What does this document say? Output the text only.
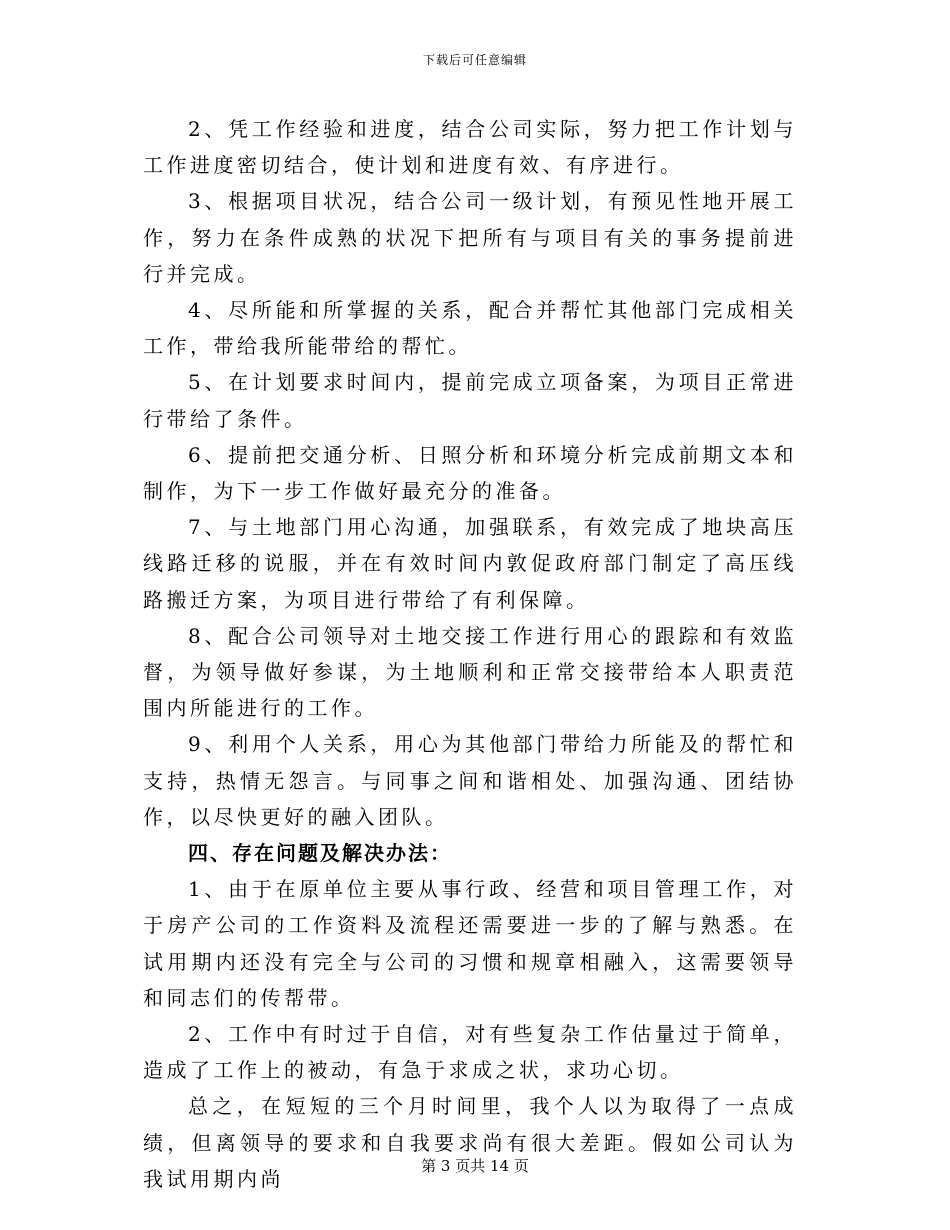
下载后可任意编辑

2、凭工作经验和进度，结合公司实际，努力把工作计划与工作进度密切结合，使计划和进度有效、有序进行。

3、根据项目状况，结合公司一级计划，有预见性地开展工作，努力在条件成熟的状况下把所有与项目有关的事务提前进行并完成。

4、尽所能和所掌握的关系，配合并帮忙其他部门完成相关工作，带给我所能带给的帮忙。

5、在计划要求时间内，提前完成立项备案，为项目正常进行带给了条件。

6、提前把交通分析、日照分析和环境分析完成前期文本和制作，为下一步工作做好最充分的准备。

7、与土地部门用心沟通，加强联系，有效完成了地块高压线路迁移的说服，并在有效时间内敦促政府部门制定了高压线路搬迁方案，为项目进行带给了有利保障。

8、配合公司领导对土地交接工作进行用心的跟踪和有效监督，为领导做好参谋，为土地顺利和正常交接带给本人职责范围内所能进行的工作。

9、利用个人关系，用心为其他部门带给力所能及的帮忙和支持，热情无怨言。与同事之间和谐相处、加强沟通、团结协作，以尽快更好的融入团队。

四、存在问题及解决办法：

1、由于在原单位主要从事行政、经营和项目管理工作，对于房产公司的工作资料及流程还需要进一步的了解与熟悉。在试用期内还没有完全与公司的习惯和规章相融入，这需要领导和同志们的传帮带。

2、工作中有时过于自信，对有些复杂工作估量过于简单，造成了工作上的被动，有急于求成之状，求功心切。

总之，在短短的三个月时间里，我个人以为取得了一点成绩，但离领导的要求和自我要求尚有很大差距。假如公司认为我试用期内尚

第 3 页共 14 页
